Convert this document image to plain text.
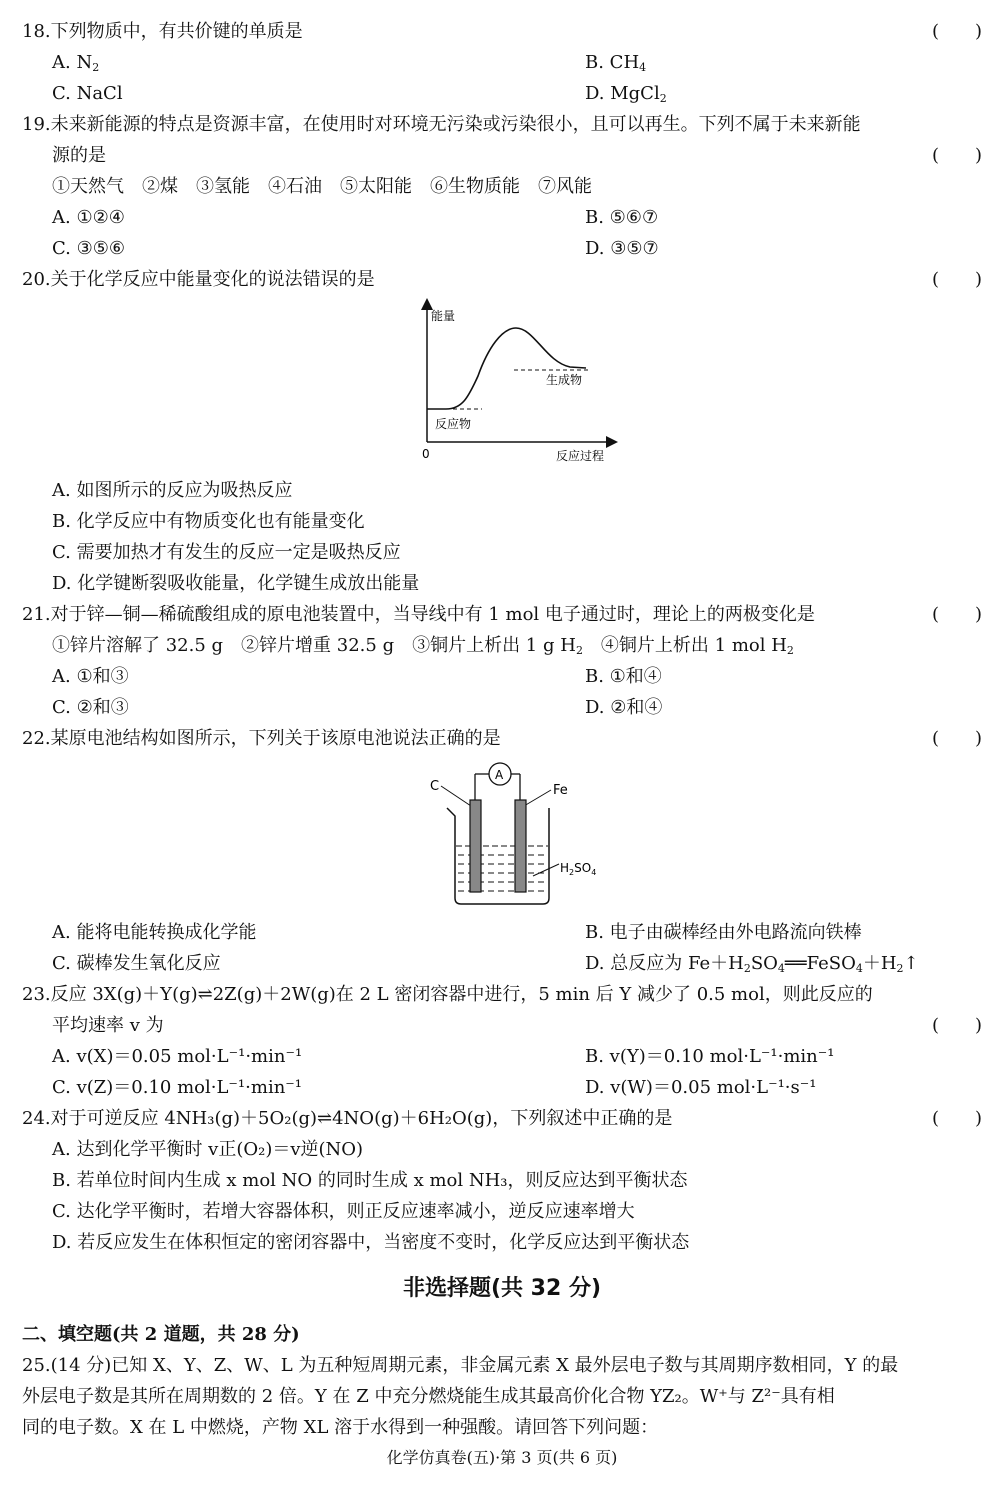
18.下列物质中，有共价键的单质是	(　　)
A. $N_2$	B. $CH_4$
C. NaCl	D. MgCl$_2$
19.未来新能源的特点是资源丰富，在使用时对环境无污染或污染很小，且可以再生。下列不属于未来新能
源的是	(　　)
①天然气　②煤　③氢能　④石油　⑤太阳能　⑥生物质能　⑦风能
A. ①②④	B. ⑤⑥⑦
C. ③⑤⑥	D. ③⑤⑦
20.关于化学反应中能量变化的说法错误的是	(　　)
能量
反应过程
0
生成物
反应物
A. 如图所示的反应为吸热反应
B. 化学反应中有物质变化也有能量变化
C. 需要加热才有发生的反应一定是吸热反应
D. 化学键断裂吸收能量，化学键生成放出能量
21.对于锌—铜—稀硫酸组成的原电池装置中，当导线中有 1 mol 电子通过时，理论上的两极变化是	(　　)
①锌片溶解了 32.5 g　②锌片增重 32.5 g　③铜片上析出 1 g $H_2$　④铜片上析出 1 mol $H_2$
A. ①和③	B. ①和④
C. ②和③	D. ②和④
22.某原电池结构如图所示，下列关于该原电池说法正确的是	(　　)
C	Fe
A
$H_2SO_4$
A. 能将电能转换成化学能	B. 电子由碳棒经由外电路流向铁棒
C. 碳棒发生氧化反应	D. 总反应为 $Fe+H_2SO_4══FeSO_4+H_2↑$
23.反应 3X(g)＋Y(g)⇌2Z(g)＋2W(g)在 2 L 密闭容器中进行，5 min 后 Y 减少了 0.5 mol，则此反应的
平均速率 v 为	(　　)
A. v(X)＝0.05 mol·L⁻¹·min⁻¹	B. v(Y)＝0.10 mol·L⁻¹·min⁻¹
C. v(Z)＝0.10 mol·L⁻¹·min⁻¹	D. v(W)＝0.05 mol·L⁻¹·s⁻¹
24.对于可逆反应 4NH₃(g)＋5O₂(g)⇌4NO(g)＋6H₂O(g)，下列叙述中正确的是	(　　)
A. 达到化学平衡时 v正(O₂)＝v逆(NO)
B. 若单位时间内生成 x mol NO 的同时生成 x mol NH₃，则反应达到平衡状态
C. 达化学平衡时，若增大容器体积，则正反应速率减小，逆反应速率增大
D. 若反应发生在体积恒定的密闭容器中，当密度不变时，化学反应达到平衡状态
非选择题(共 32 分)
二、填空题(共 2 道题，共 28 分)
25.(14 分)已知 X、Y、Z、W、L 为五种短周期元素，非金属元素 X 最外层电子数与其周期序数相同，Y 的最
外层电子数是其所在周期数的 2 倍。Y 在 Z 中充分燃烧能生成其最高价化合物 YZ₂。W⁺与 Z²⁻具有相
同的电子数。X 在 L 中燃烧，产物 XL 溶于水得到一种强酸。请回答下列问题：
化学仿真卷(五)·第 3 页(共 6 页)
